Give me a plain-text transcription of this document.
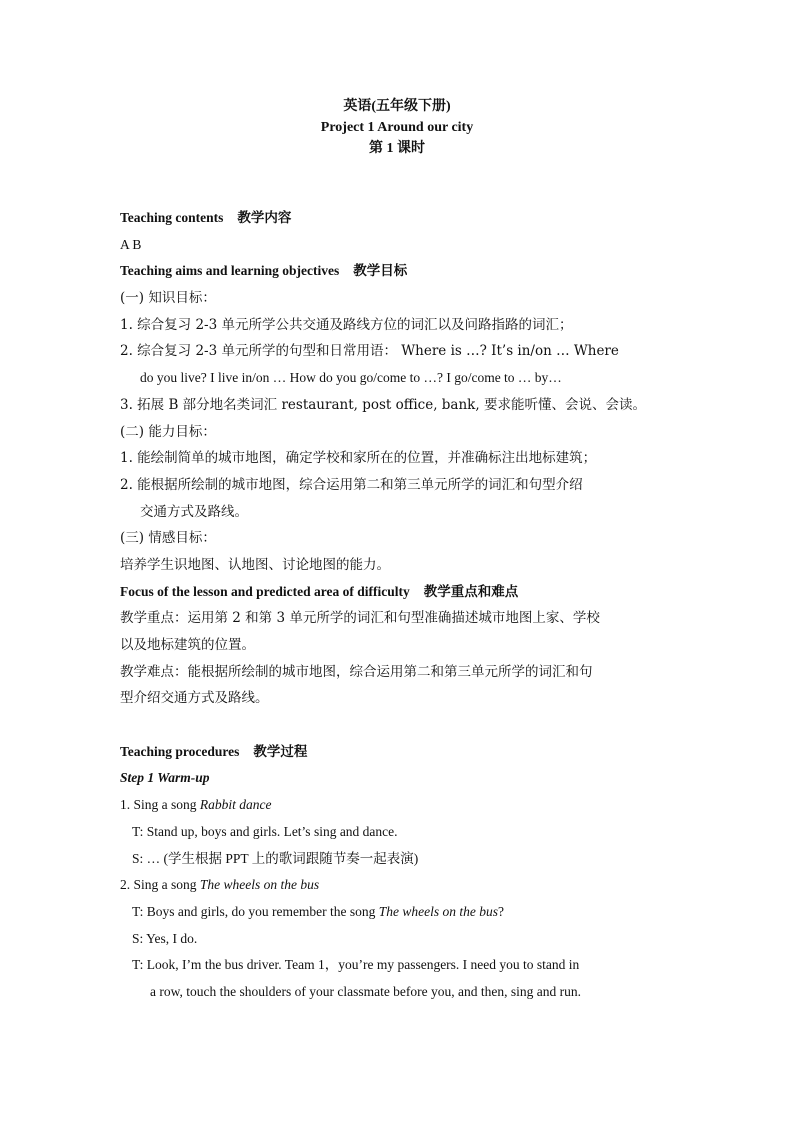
英语(五年级下册)
Project 1 Around our city
第 1 课时
Teaching contents 教学内容
A B
Teaching aims and learning objectives 教学目标
(一) 知识目标：
1. 综合复习 2-3 单元所学公共交通及路线方位的词汇以及问路指路的词汇；
2. 综合复习 2-3 单元所学的句型和日常用语： Where is …? It’s in/on … Where
do you live? I live in/on … How do you go/come to …? I go/come to … by…
3. 拓展 B 部分地名类词汇 restaurant, post office, bank, 要求能听懂、会说、会读。
(二) 能力目标：
1. 能绘制简单的城市地图，确定学校和家所在的位置，并准确标注出地标建筑；
2. 能根据所绘制的城市地图，综合运用第二和第三单元所学的词汇和句型介绍
交通方式及路线。
(三) 情感目标：
培养学生识地图、认地图、讨论地图的能力。
Focus of the lesson and predicted area of difficulty 教学重点和难点
教学重点：运用第 2 和第 3 单元所学的词汇和句型准确描述城市地图上家、学校
以及地标建筑的位置。
教学难点：能根据所绘制的城市地图，综合运用第二和第三单元所学的词汇和句
型介绍交通方式及路线。
Teaching procedures 教学过程
Step 1 Warm-up
1. Sing a song Rabbit dance
T: Stand up, boys and girls. Let’s sing and dance.
S: … (学生根据 PPT 上的歌词跟随节奏一起表演)
2. Sing a song The wheels on the bus
T: Boys and girls, do you remember the song The wheels on the bus?
S: Yes, I do.
T: Look, I’m the bus driver. Team 1，you’re my passengers. I need you to stand in
a row, touch the shoulders of your classmate before you, and then, sing and run.
